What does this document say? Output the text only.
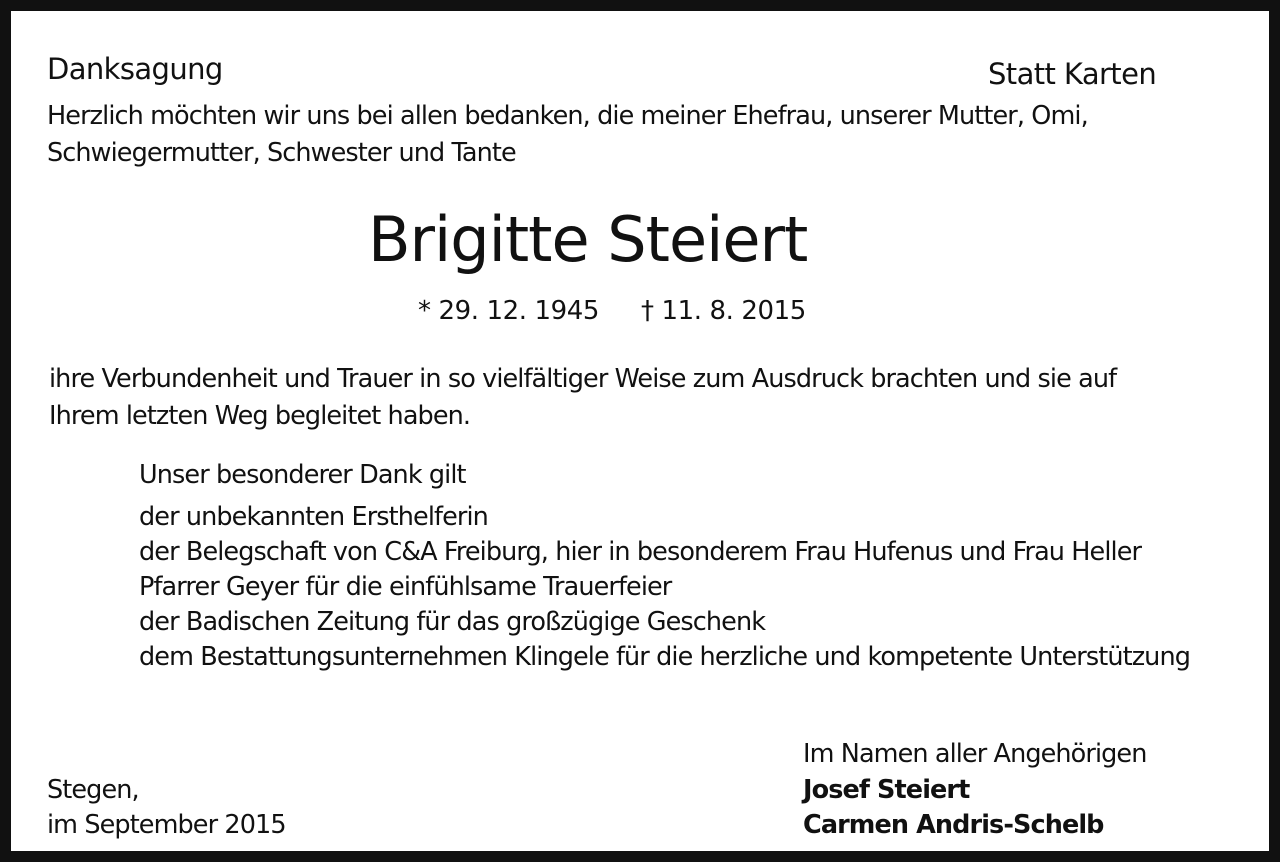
Danksagung	Statt Karten
Herzlich möchten wir uns bei allen bedanken, die meiner Ehefrau, unserer Mutter, Omi,
Schwiegermutter, Schwester und Tante
Brigitte Steiert
* 29. 12. 1945 † 11. 8. 2015
ihre Verbundenheit und Trauer in so vielfältiger Weise zum Ausdruck brachten und sie auf
Ihrem letzten Weg begleitet haben.
Unser besonderer Dank gilt
der unbekannten Ersthelferin
der Belegschaft von C&A Freiburg, hier in besonderem Frau Hufenus und Frau Heller
Pfarrer Geyer für die einfühlsame Trauerfeier
der Badischen Zeitung für das großzügige Geschenk
dem Bestattungsunternehmen Klingele für die herzliche und kompetente Unterstützung
Im Namen aller Angehörigen
Josef Steiert
Carmen Andris-Schelb
Stegen,
im September 2015
